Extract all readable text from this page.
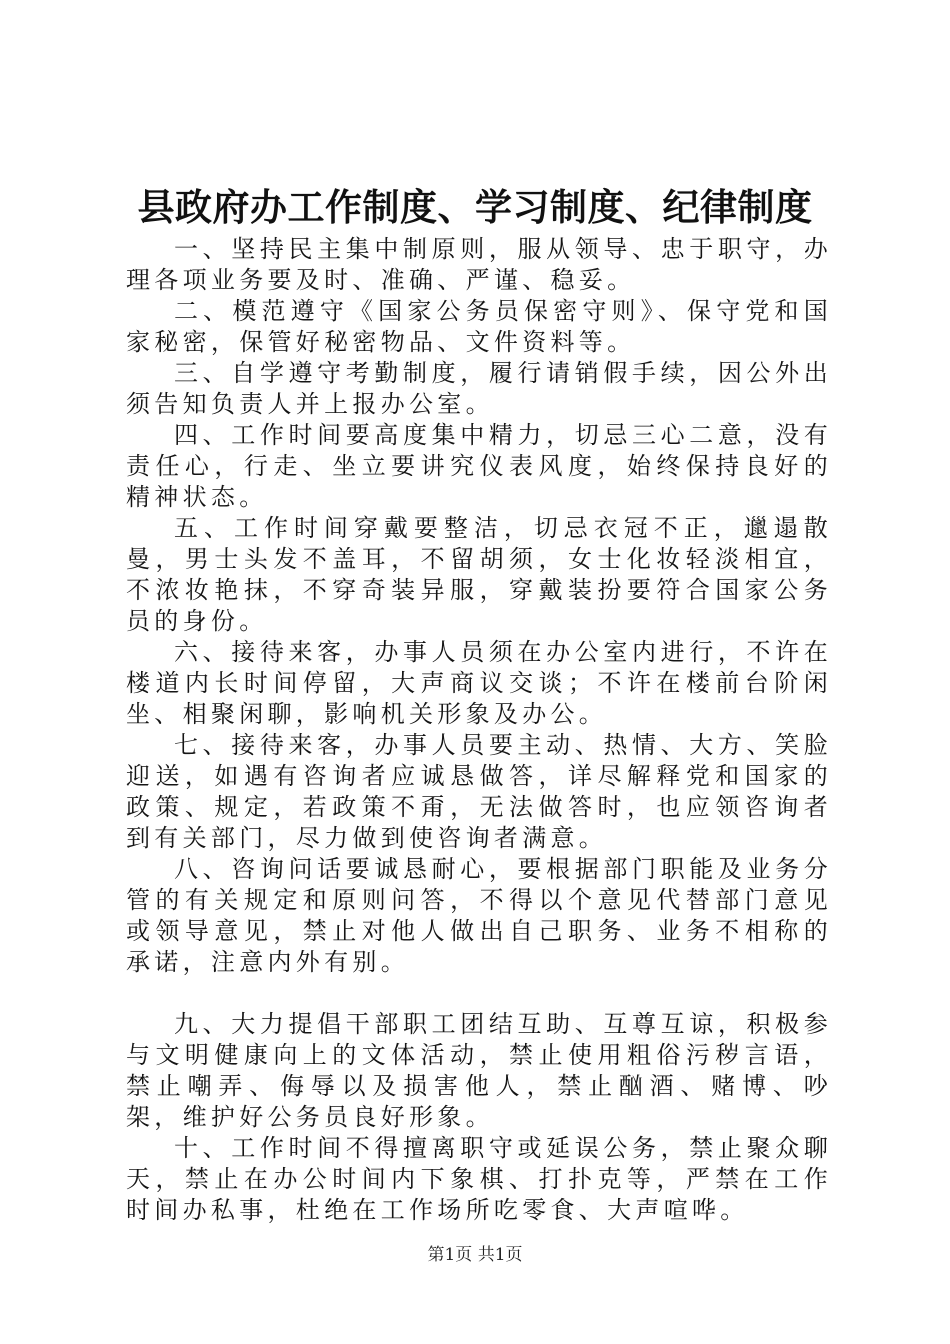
县政府办工作制度、学习制度、纪律制度

一、坚持民主集中制原则，服从领导、忠于职守，办理各项业务要及时、准确、严谨、稳妥。

二、模范遵守《国家公务员保密守则》、保守党和国家秘密，保管好秘密物品、文件资料等。

三、自学遵守考勤制度，履行请销假手续，因公外出须告知负责人并上报办公室。

四、工作时间要高度集中精力，切忌三心二意，没有责任心，行走、坐立要讲究仪表风度，始终保持良好的精神状态。

五、工作时间穿戴要整洁，切忌衣冠不正，邋遢散曼，男士头发不盖耳，不留胡须，女士化妆轻淡相宜，不浓妆艳抹，不穿奇装异服，穿戴装扮要符合国家公务员的身份。

六、接待来客，办事人员须在办公室内进行，不许在楼道内长时间停留，大声商议交谈；不许在楼前台阶闲坐、相聚闲聊，影响机关形象及办公。

七、接待来客，办事人员要主动、热情、大方、笑脸迎送，如遇有咨询者应诚恳做答，详尽解释党和国家的政策、规定，若政策不甭，无法做答时，也应领咨询者到有关部门，尽力做到使咨询者满意。

八、咨询问话要诚恳耐心，要根据部门职能及业务分管的有关规定和原则问答，不得以个意见代替部门意见或领导意见，禁止对他人做出自己职务、业务不相称的承诺，注意内外有别。

九、大力提倡干部职工团结互助、互尊互谅，积极参与文明健康向上的文体活动，禁止使用粗俗污秽言语，禁止嘲弄、侮辱以及损害他人，禁止酗酒、赌博、吵架，维护好公务员良好形象。

十、工作时间不得擅离职守或延误公务，禁止聚众聊天，禁止在办公时间内下象棋、打扑克等，严禁在工作时间办私事，杜绝在工作场所吃零食、大声喧哗。

第1页 共1页
